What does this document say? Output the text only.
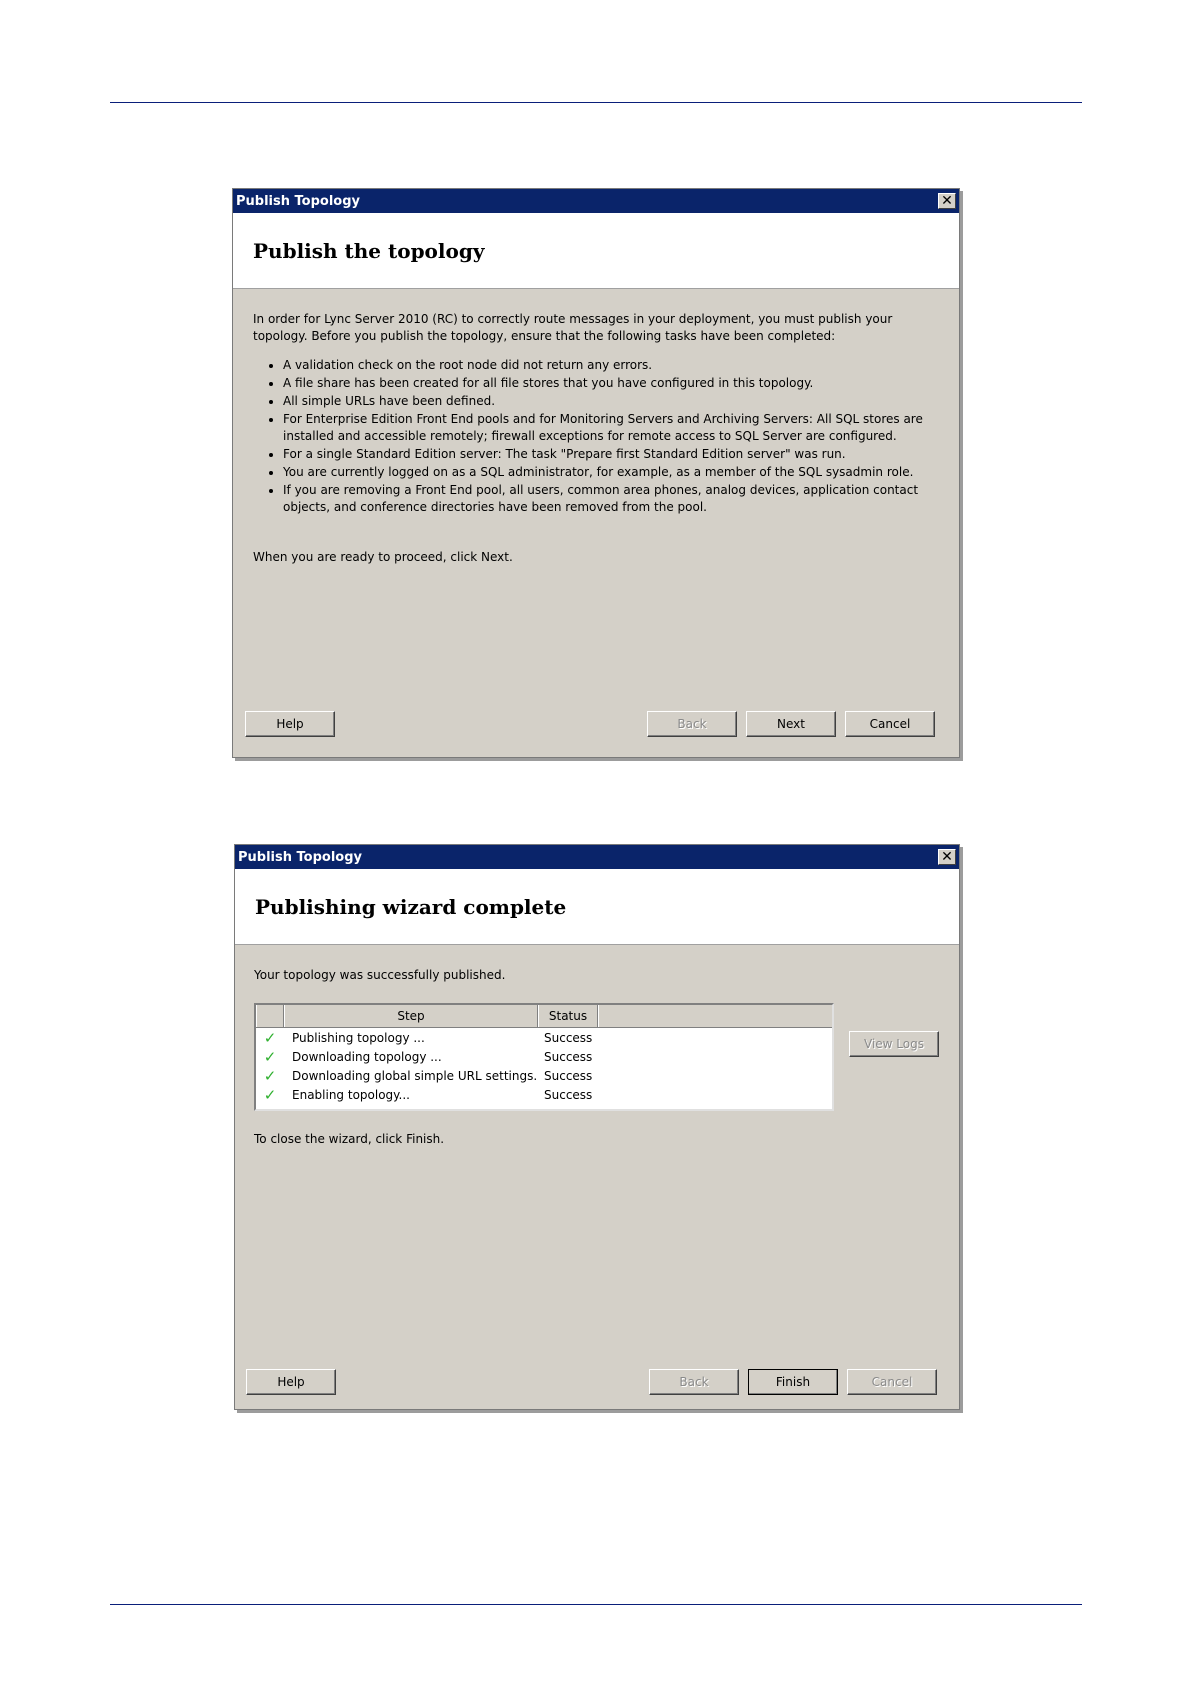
Publish Topology	✕
Publish the topology
In order for Lync Server 2010 (RC) to correctly route messages in your deployment, you must publish your topology. Before you publish the topology, ensure that the following tasks have been completed:
• A validation check on the root node did not return any errors.
• A file share has been created for all file stores that you have configured in this topology.
• All simple URLs have been defined.
• For Enterprise Edition Front End pools and for Monitoring Servers and Archiving Servers: All SQL stores are installed and accessible remotely; firewall exceptions for remote access to SQL Server are configured.
• For a single Standard Edition server: The task "Prepare first Standard Edition server" was run.
• You are currently logged on as a SQL administrator, for example, as a member of the SQL sysadmin role.
• If you are removing a Front End pool, all users, common area phones, analog devices, application contact objects, and conference directories have been removed from the pool.
When you are ready to proceed, click Next.
Help	Back	Next	Cancel
Publish Topology	✕
Publishing wizard complete
Your topology was successfully published.
Step	Status
✓	Publishing topology ...	Success
✓	Downloading topology ...	Success
✓	Downloading global simple URL settings. Success
✓	Enabling topology...	Success
View Logs
To close the wizard, click Finish.
Help	Back	Finish	Cancel
